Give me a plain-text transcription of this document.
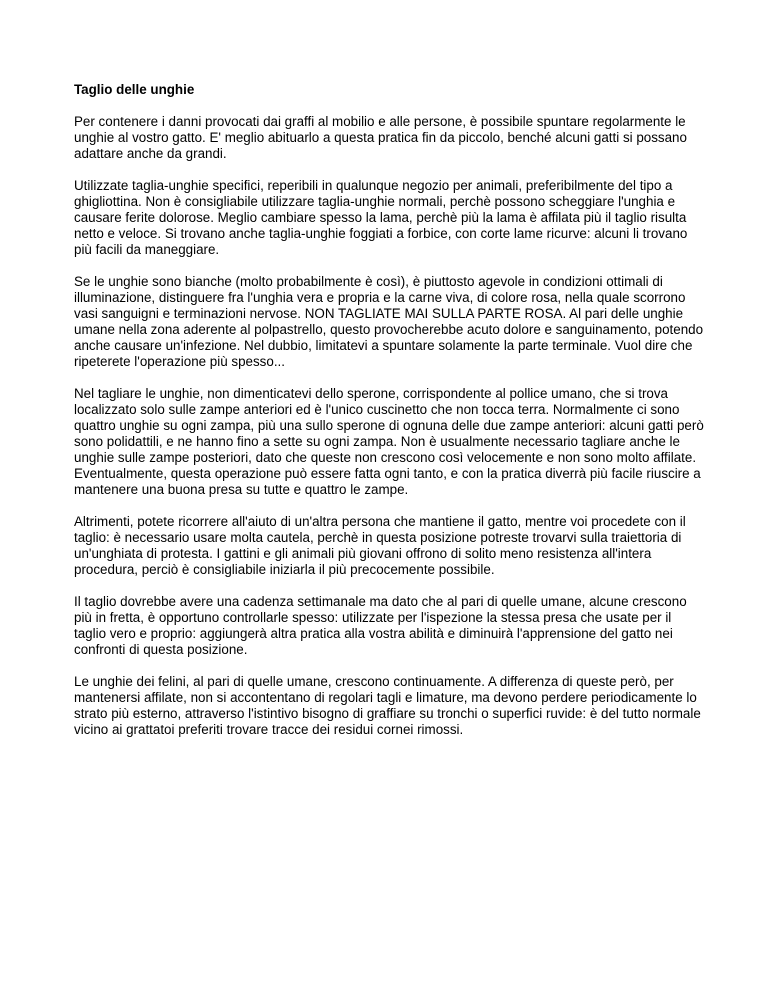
Taglio delle unghie

Per contenere i danni provocati dai graffi al mobilio e alle persone, è possibile spuntare regolarmente le unghie al vostro gatto. E' meglio abituarlo a questa pratica fin da piccolo, benché alcuni gatti si possano adattare anche da grandi.

Utilizzate taglia-unghie specifici, reperibili in qualunque negozio per animali, preferibilmente del tipo a ghigliottina. Non è consigliabile utilizzare taglia-unghie normali, perchè possono scheggiare l'unghia e causare ferite dolorose. Meglio cambiare spesso la lama, perchè più la lama è affilata più il taglio risulta netto e veloce. Si trovano anche taglia-unghie foggiati a forbice, con corte lame ricurve: alcuni li trovano più facili da maneggiare.

Se le unghie sono bianche (molto probabilmente è così), è piuttosto agevole in condizioni ottimali di illuminazione, distinguere fra l'unghia vera e propria e la carne viva, di colore rosa, nella quale scorrono vasi sanguigni e terminazioni nervose. NON TAGLIATE MAI SULLA PARTE ROSA. Al pari delle unghie umane nella zona aderente al polpastrello, questo provocherebbe acuto dolore e sanguinamento, potendo anche causare un'infezione. Nel dubbio, limitatevi a spuntare solamente la parte terminale. Vuol dire che ripeterete l'operazione più spesso...

Nel tagliare le unghie, non dimenticatevi dello sperone, corrispondente al pollice umano, che si trova localizzato solo sulle zampe anteriori ed è l'unico cuscinetto che non tocca terra. Normalmente ci sono quattro unghie su ogni zampa, più una sullo sperone di ognuna delle due zampe anteriori: alcuni gatti però sono polidattili, e ne hanno fino a sette su ogni zampa. Non è usualmente necessario tagliare anche le unghie sulle zampe posteriori, dato che queste non crescono così velocemente e non sono molto affilate. Eventualmente, questa operazione può essere fatta ogni tanto, e con la pratica diverrà più facile riuscire a mantenere una buona presa su tutte e quattro le zampe.

Altrimenti, potete ricorrere all'aiuto di un'altra persona che mantiene il gatto, mentre voi procedete con il taglio: è necessario usare molta cautela, perchè in questa posizione potreste trovarvi sulla traiettoria di un'unghiata di protesta. I gattini e gli animali più giovani offrono di solito meno resistenza all'intera procedura, perciò è consigliabile iniziarla il più precocemente possibile.

Il taglio dovrebbe avere una cadenza settimanale ma dato che al pari di quelle umane, alcune crescono più in fretta, è opportuno controllarle spesso: utilizzate per l'ispezione la stessa presa che usate per il taglio vero e proprio: aggiungerà altra pratica alla vostra abilità e diminuirà l'apprensione del gatto nei confronti di questa posizione.

Le unghie dei felini, al pari di quelle umane, crescono continuamente. A differenza di queste però, per mantenersi affilate, non si accontentano di regolari tagli e limature, ma devono perdere periodicamente lo strato più esterno, attraverso l'istintivo bisogno di graffiare su tronchi o superfici ruvide: è del tutto normale vicino ai grattatoi preferiti trovare tracce dei residui cornei rimossi.
